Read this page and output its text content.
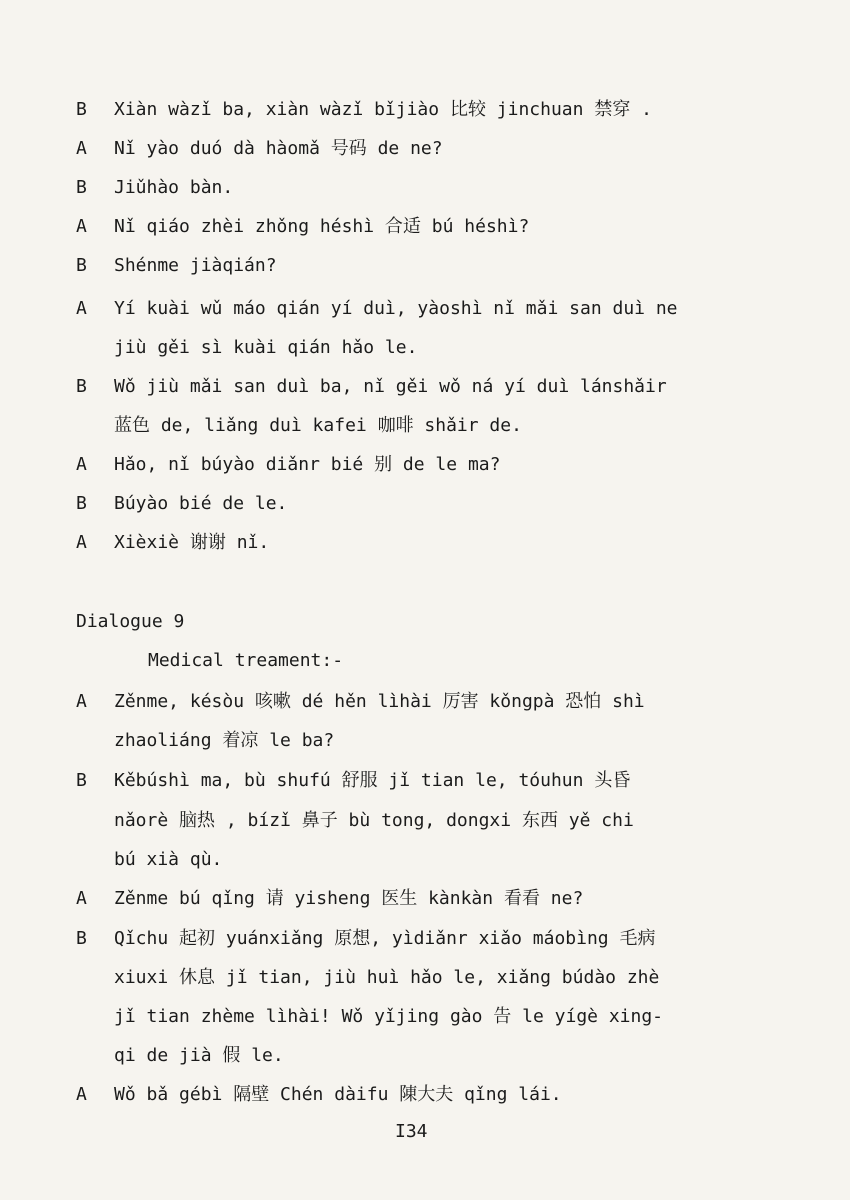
B	Xiàn wàzǐ ba, xiàn wàzǐ bǐjiào 比较 jinchuan 禁穿 .
A	Nǐ yào duó dà hàomǎ 号码 de ne?
B	Jiǔhào bàn.
A	Nǐ qiáo zhèi zhǒng héshì 合适 bú héshì?
B	Shénme jiàqián?
A	Yí kuài wǔ máo qián yí duì, yàoshì nǐ mǎi san duì ne
jiù gěi sì kuài qián hǎo le.
B	Wǒ jiù mǎi san duì ba, nǐ gěi wǒ ná yí duì lánshǎir
蓝色 de, liǎng duì kafei 咖啡 shǎir de.
A	Hǎo, nǐ búyào diǎnr bié 别 de le ma?
B	Búyào bié de le.
A	Xièxiè 谢谢 nǐ.
Dialogue 9
Medical treament:-
A	Zěnme, késòu 咳嗽 dé hěn lìhài 厉害 kǒngpà 恐怕 shì
zhaoliáng 着凉 le ba?
B	Kěbúshì ma, bù shufú 舒服 jǐ tian le, tóuhun 头昏
nǎorè 脑热 , bízǐ 鼻子 bù tong, dongxi 东西 yě chi
bú xià qù.
A	Zěnme bú qǐng 请 yisheng 医生 kànkàn 看看 ne?
B	Qǐchu 起初 yuánxiǎng 原想, yìdiǎnr xiǎo máobìng 毛病
xiuxi 休息 jǐ tian, jiù huì hǎo le, xiǎng búdào zhè
jǐ tian zhème lìhài! Wǒ yǐjing gào 告 le yígè xing-
qi de jià 假 le.
A	Wǒ bǎ gébì 隔壁 Chén dàifu 陳大夫 qǐng lái.
I34
